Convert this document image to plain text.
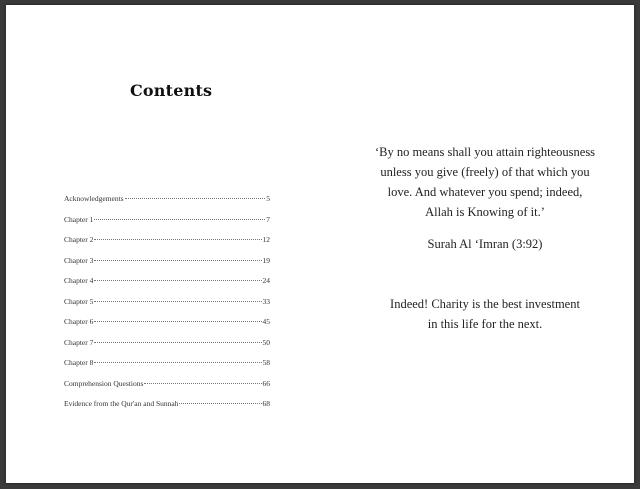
Contents
Acknowledgements	5
Chapter 1	7
Chapter 2	12
Chapter 3	19
Chapter 4	24
Chapter 5	33
Chapter 6	45
Chapter 7	50
Chapter 8	58
Comprehension Questions	66
Evidence from the Qur'an and Sunnah	68
‘By no means shall you attain righteousness
unless you give (freely) of that which you
love. And whatever you spend; indeed,
Allah is Knowing of it.’
Surah Al ‘Imran (3:92)
Indeed! Charity is the best investment
in this life for the next.
